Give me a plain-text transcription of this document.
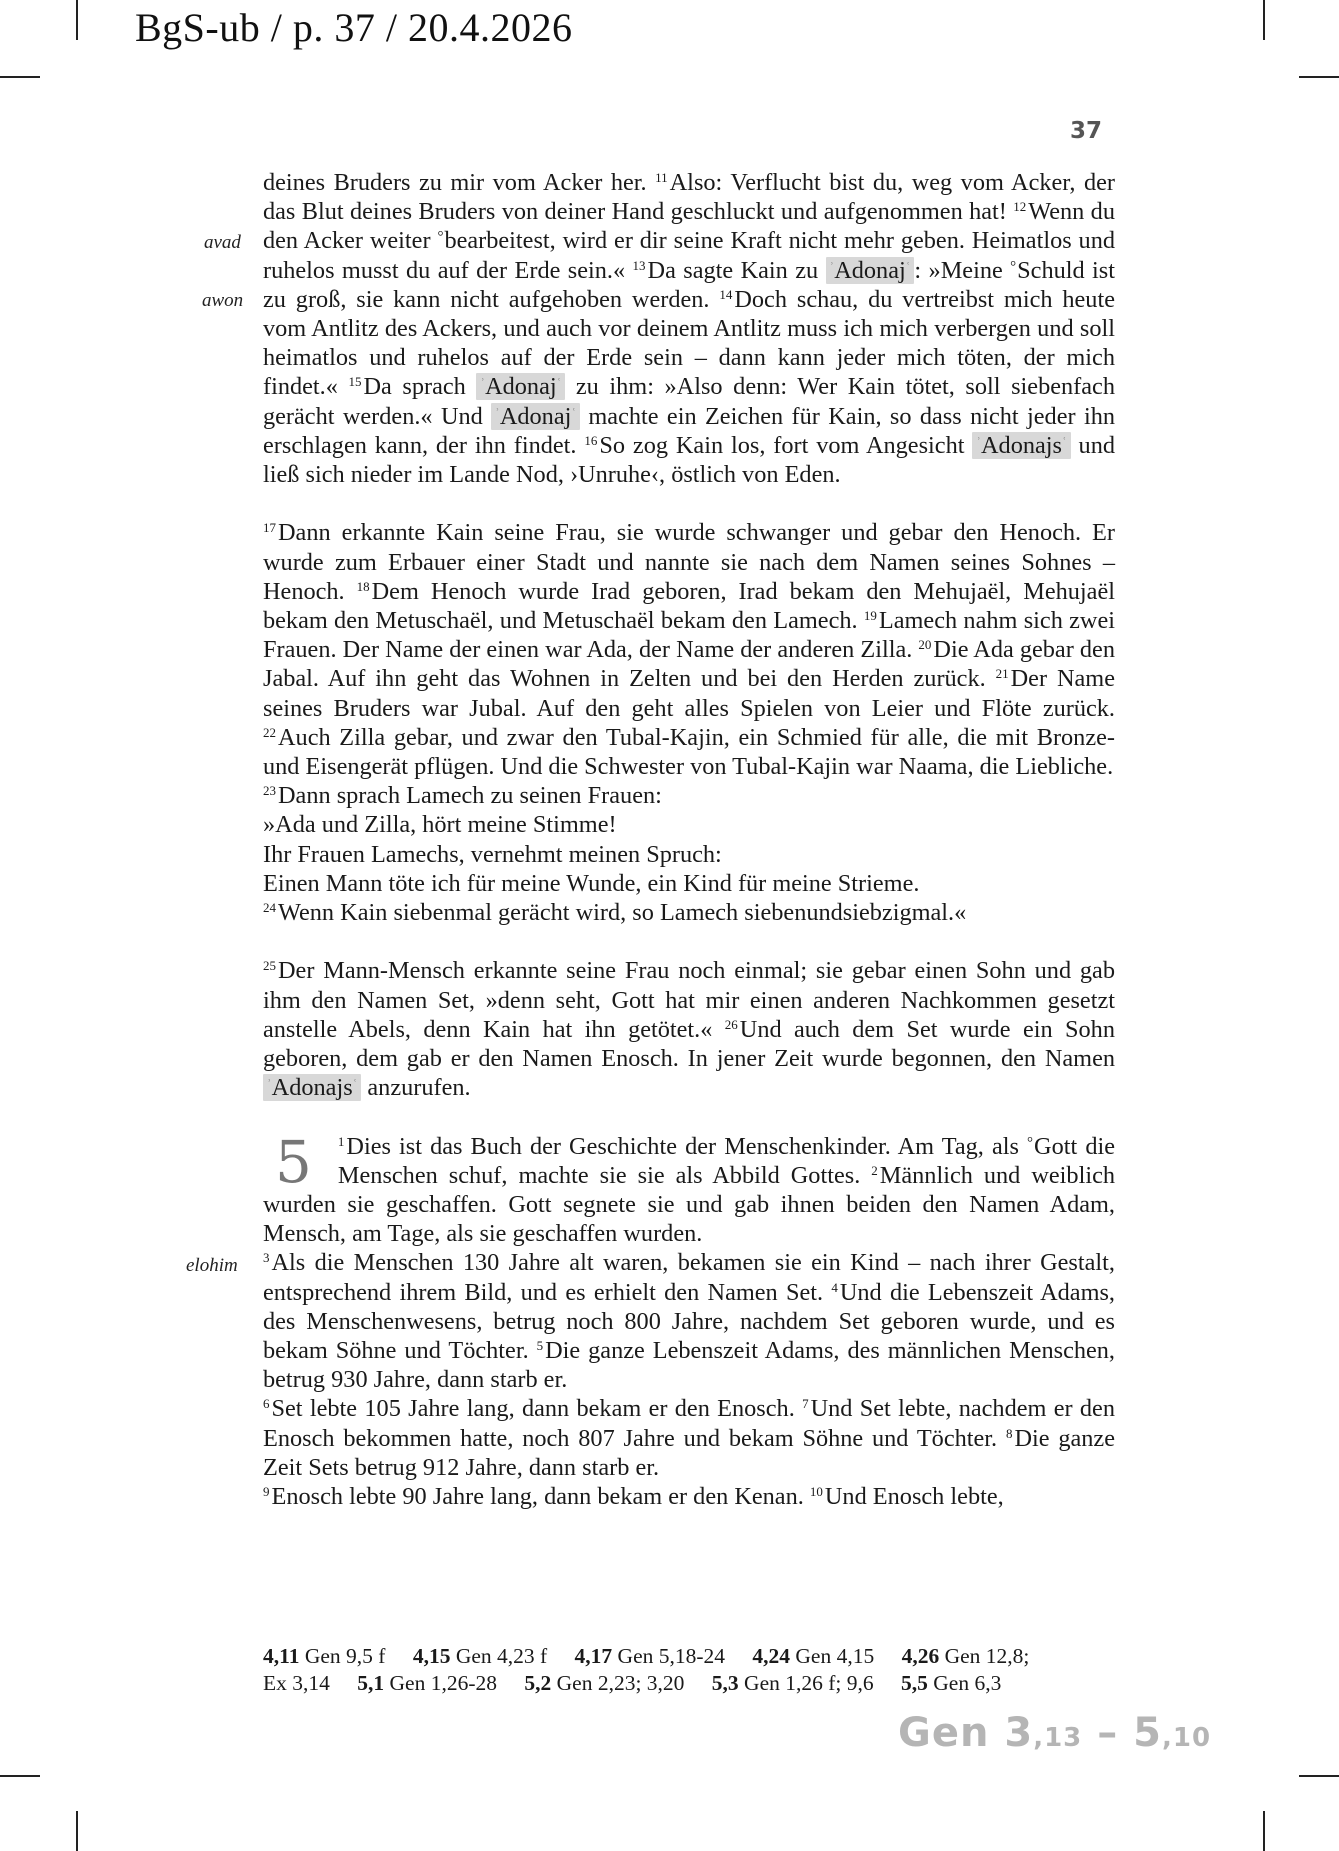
BgS-ub / p. 37 / 20.4.2026
37
avad
awon
elohim

deines Bruders zu mir vom Acker her. $^{11}$Also: Verflucht bist du, weg vom Acker, der das Blut deines Bruders von deiner Hand geschluckt und aufgenommen hat! $^{12}$Wenn du den Acker weiter °bearbeitest, wird er dir seine Kraft nicht mehr geben. Heimatlos und ruhelos musst du auf der Erde sein.« $^{13}$Da sagte Kain zu $^ʾ$Adonaj$^ʿ$ : »Meine °Schuld ist zu groß, sie kann nicht aufgehoben werden. $^{14}$Doch schau, du vertreibst mich heute vom Antlitz des Ackers, und auch vor deinem Antlitz muss ich mich verbergen und soll heimatlos und ruhelos auf der Erde sein – dann kann jeder mich töten, der mich findet.« $^{15}$Da sprach $^ʾ$Adonaj$^ʿ$ zu ihm: »Also denn: Wer Kain tötet, soll siebenfach gerächt werden.« Und $^ʾ$Adonaj$^ʿ$ machte ein Zeichen für Kain, so dass nicht jeder ihn erschlagen kann, der ihn findet. $^{16}$So zog Kain los, fort vom Angesicht $^ʾ$Adonajs$^ʿ$ und ließ sich nieder im Lande Nod, ›Unruhe‹, östlich von Eden.

$^{17}$Dann erkannte Kain seine Frau, sie wurde schwanger und gebar den Henoch. Er wurde zum Erbauer einer Stadt und nannte sie nach dem Namen seines Sohnes – Henoch. $^{18}$Dem Henoch wurde Irad geboren, Irad bekam den Mehujaël, Mehujaël bekam den Metuschaël, und Metuschaël bekam den Lamech. $^{19}$Lamech nahm sich zwei Frauen. Der Name der einen war Ada, der Name der anderen Zilla. $^{20}$Die Ada gebar den Jabal. Auf ihn geht das Wohnen in Zelten und bei den Herden zurück. $^{21}$Der Name seines Bruders war Jubal. Auf den geht alles Spielen von Leier und Flöte zurück. $^{22}$Auch Zilla gebar, und zwar den Tubal-Kajin, ein Schmied für alle, die mit Bronze- und Eisengerät pflügen. Und die Schwester von Tubal-Kajin war Naama, die Liebliche.

$^{23}$Dann sprach Lamech zu seinen Frauen:
»Ada und Zilla, hört meine Stimme!
Ihr Frauen Lamechs, vernehmt meinen Spruch:
Einen Mann töte ich für meine Wunde, ein Kind für meine Strieme.
$^{24}$Wenn Kain siebenmal gerächt wird, so Lamech siebenundsiebzigmal.«

$^{25}$Der Mann-Mensch erkannte seine Frau noch einmal; sie gebar einen Sohn und gab ihm den Namen Set, »denn seht, Gott hat mir einen anderen Nachkommen gesetzt anstelle Abels, denn Kain hat ihn getötet.« $^{26}$Und auch dem Set wurde ein Sohn geboren, dem gab er den Namen Enosch. In jener Zeit wurde begonnen, den Namen $^ʾ$Adonajs$^ʿ$ anzurufen.

5 $^1$Dies ist das Buch der Geschichte der Menschenkinder. Am Tag, als °Gott die Menschen schuf, machte sie sie als Abbild Gottes. $^2$Männlich und weiblich wurden sie geschaffen. Gott segnete sie und gab ihnen beiden den Namen Adam, Mensch, am Tage, als sie geschaffen wurden.

$^3$Als die Menschen 130 Jahre alt waren, bekamen sie ein Kind – nach ihrer Gestalt, entsprechend ihrem Bild, und es erhielt den Namen Set. $^4$Und die Lebenszeit Adams, des Menschenwesens, betrug noch 800 Jahre, nachdem Set geboren wurde, und es bekam Söhne und Töchter. $^5$Die ganze Lebenszeit Adams, des männlichen Menschen, betrug 930 Jahre, dann starb er.

$^6$Set lebte 105 Jahre lang, dann bekam er den Enosch. $^7$Und Set lebte, nachdem er den Enosch bekommen hatte, noch 807 Jahre und bekam Söhne und Töchter. $^8$Die ganze Zeit Sets betrug 912 Jahre, dann starb er.

$^9$Enosch lebte 90 Jahre lang, dann bekam er den Kenan. $^{10}$Und Enosch lebte,

4,11 Gen 9,5 f 4,15 Gen 4,23 f 4,17 Gen 5,18-24 4,24 Gen 4,15 4,26 Gen 12,8;
Ex 3,14 5,1 Gen 1,26-28 5,2 Gen 2,23; 3,20 5,3 Gen 1,26 f; 9,6 5,5 Gen 6,3
Gen 3,13 – 5,10
